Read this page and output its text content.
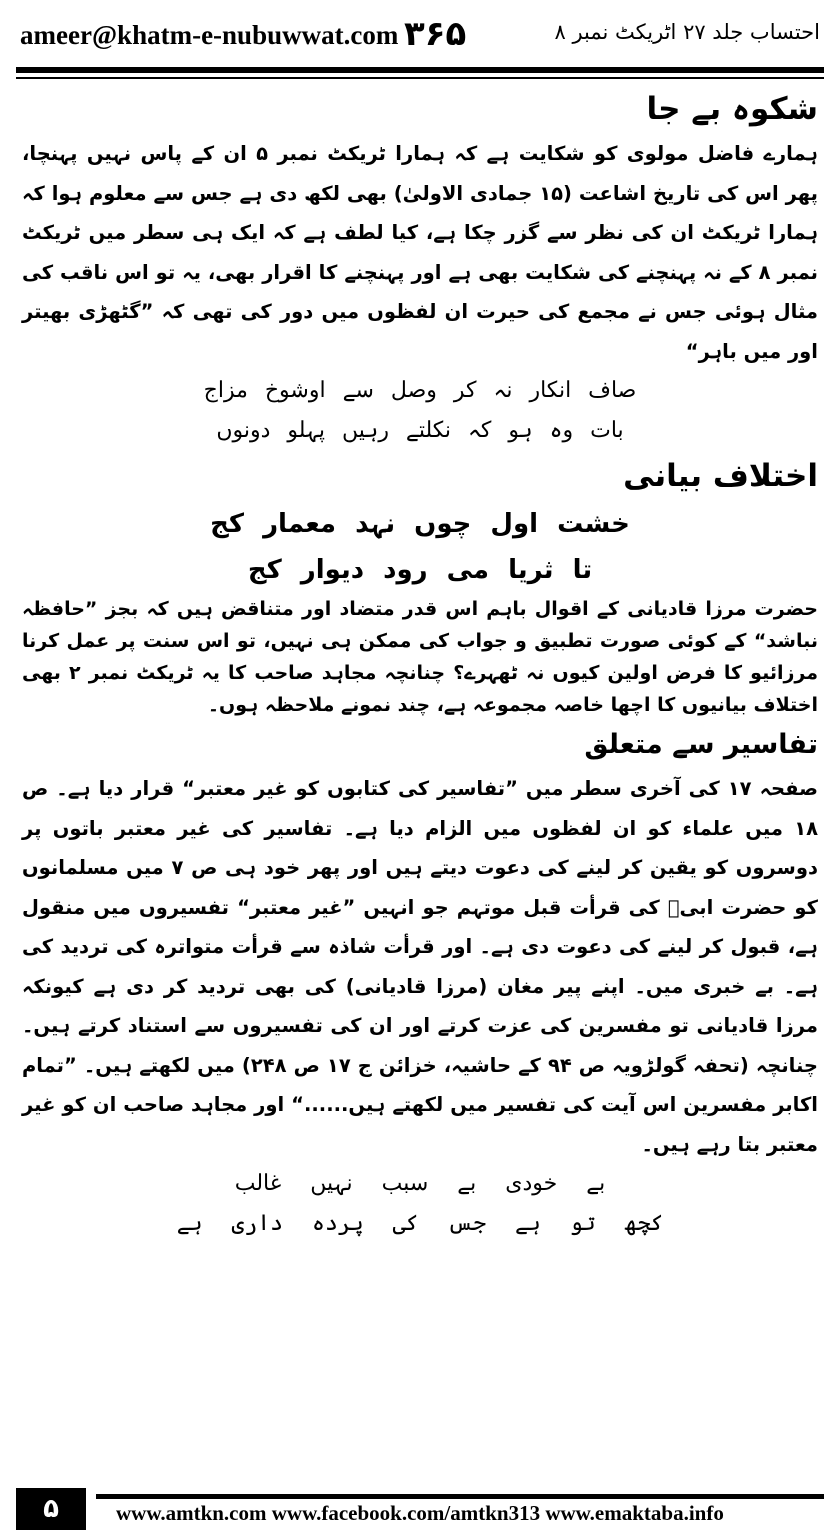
ameer@khatm-e-nubuwwat.com ۳۶۵	احتساب جلد ۲۷ اٹریکٹ نمبر ۸
شکوہ بے جا

ہمارے فاضل مولوی کو شکایت ہے کہ ہمارا ٹریکٹ نمبر ۵ ان کے پاس نہیں پہنچا، پھر اس کی تاریخ اشاعت (۱۵ جمادی الاولیٰ) بھی لکھ دی ہے جس سے معلوم ہوا کہ ہمارا ٹریکٹ ان کی نظر سے گزر چکا ہے، کیا لطف ہے کہ ایک ہی سطر میں ٹریکٹ نمبر ۸ کے نہ پہنچنے کی شکایت بھی ہے اور پہنچنے کا اقرار بھی، یہ تو اس ناقب کی مثال ہوئی جس نے مجمع کی حیرت ان لفظوں میں دور کی تھی کہ ”گٹھڑی بھیتر اور میں باہر“

صاف انکار نہ کر وصل سے اوشوخ مزاج

بات وہ ہو کہ نکلتے رہیں پہلو دونوں

اختلاف بیانی

خشت اول چوں نہد معمار کج

تا ثریا می رود دیوار کج

حضرت مرزا قادیانی کے اقوال باہم اس قدر متضاد اور متناقض ہیں کہ بجز ”حافظہ نباشد“ کے کوئی صورت تطبیق و جواب کی ممکن ہی نہیں، تو اس سنت پر عمل کرنا مرزائیو کا فرض اولین کیوں نہ ٹھہرے؟ چنانچہ مجاہد صاحب کا یہ ٹریکٹ نمبر ۲ بھی اختلاف بیانیوں کا اچھا خاصہ مجموعہ ہے، چند نمونے ملاحظہ ہوں۔

تفاسیر سے متعلق

صفحہ ۱۷ کی آخری سطر میں ”تفاسیر کی کتابوں کو غیر معتبر“ قرار دیا ہے۔ ص ۱۸ میں علماء کو ان لفظوں میں الزام دیا ہے۔ تفاسیر کی غیر معتبر باتوں پر دوسروں کو یقین کر لینے کی دعوت دیتے ہیں اور پھر خود ہی ص ۷ میں مسلمانوں کو حضرت ابیؓ کی قرأت قبل موتہم جو انہیں ”غیر معتبر“ تفسیروں میں منقول ہے، قبول کر لینے کی دعوت دی ہے۔ اور قرأت شاذہ سے قرأت متواترہ کی تردید کی ہے۔ بے خبری میں۔ اپنے پیر مغان (مرزا قادیانی) کی بھی تردید کر دی ہے کیونکہ مرزا قادیانی تو مفسرین کی عزت کرتے اور ان کی تفسیروں سے استناد کرتے ہیں۔ چنانچہ (تحفہ گولڑویہ ص ۹۴ کے حاشیہ، خزائن ج ۱۷ ص ۲۴۸) میں لکھتے ہیں۔ ”تمام اکابر مفسرین اس آیت کی تفسیر میں لکھتے ہیں......“ اور مجاہد صاحب ان کو غیر معتبر بتا رہے ہیں۔

بے خودی بے سبب نہیں غالب

کچھ تو ہے جس کی پردہ داری ہے

۵	www.amtkn.com www.facebook.com/amtkn313 www.emaktaba.info
